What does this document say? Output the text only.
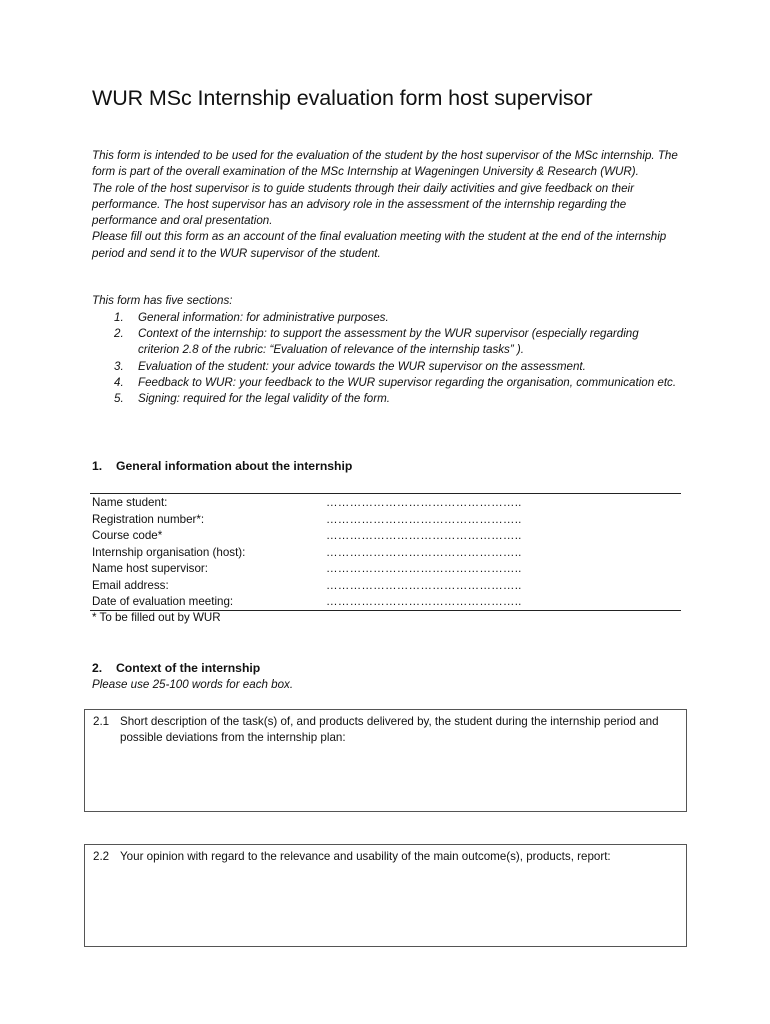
WUR MSc Internship evaluation form host supervisor

This form is intended to be used for the evaluation of the student by the host supervisor of the MSc internship. The form is part of the overall examination of the MSc Internship at Wageningen University & Research (WUR).

The role of the host supervisor is to guide students through their daily activities and give feedback on their performance. The host supervisor has an advisory role in the assessment of the internship regarding the performance and oral presentation.

Please fill out this form as an account of the final evaluation meeting with the student at the end of the internship period and send it to the WUR supervisor of the student.

This form has five sections:
1. General information: for administrative purposes.
2. Context of the internship: to support the assessment by the WUR supervisor (especially regarding criterion 2.8 of the rubric: “Evaluation of relevance of the internship tasks” ).
3. Evaluation of the student: your advice towards the WUR supervisor on the assessment.
4. Feedback to WUR: your feedback to the WUR supervisor regarding the organisation, communication etc.
5. Signing: required for the legal validity of the form.
1. General information about the internship
Name student:	…………………………………………..
Registration number*:	…………………………………………..
Course code*	…………………………………………..
Internship organisation (host):	…………………………………………..
Name host supervisor:	…………………………………………..
Email address:	…………………………………………..
Date of evaluation meeting:	…………………………………………..
* To be filled out by WUR
2. Context of the internship
Please use 25-100 words for each box.
2.1 Short description of the task(s) of, and products delivered by, the student during the internship period and possible deviations from the internship plan:
2.2 Your opinion with regard to the relevance and usability of the main outcome(s), products, report:
